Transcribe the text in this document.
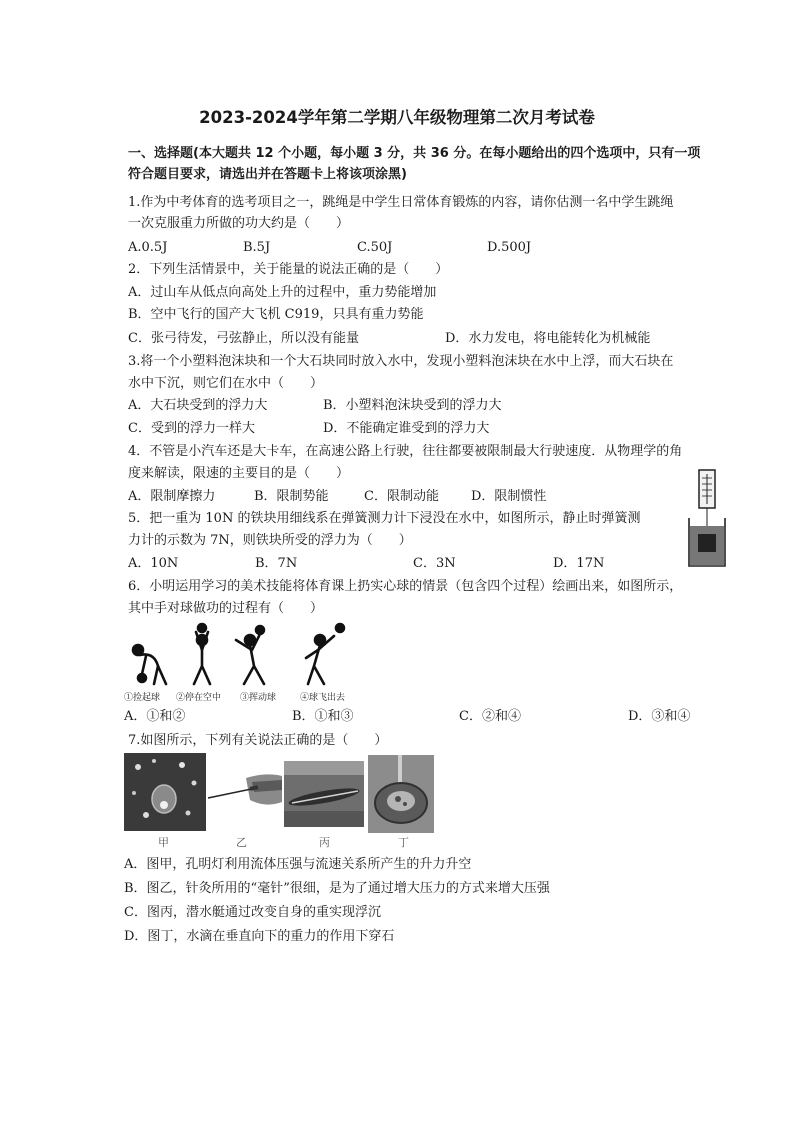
2023-2024学年第二学期八年级物理第二次月考试卷
一、选择题(本大题共 12 个小题，每小题 3 分，共 36 分。在每小题给出的四个选项中，只有一项
符合题目要求，请选出并在答题卡上将该项涂黑)
1.作为中考体育的选考项目之一，跳绳是中学生日常体育锻炼的内容，请你估测一名中学生跳绳
一次克服重力所做的功大约是（　　）
A.0.5J	B.5J	C.50J	D.500J
2．下列生活情景中，关于能量的说法正确的是（　　）
A．过山车从低点向高处上升的过程中，重力势能增加
B．空中飞行的国产大飞机 C919，只具有重力势能
C．张弓待发，弓弦静止，所以没有能量	D．水力发电，将电能转化为机械能
3.将一个小塑料泡沫块和一个大石块同时放入水中，发现小塑料泡沫块在水中上浮，而大石块在
水中下沉，则它们在水中（　　）
A．大石块受到的浮力大	B．小塑料泡沫块受到的浮力大
C．受到的浮力一样大	D．不能确定谁受到的浮力大
4．不管是小汽车还是大卡车，在高速公路上行驶，往往都要被限制最大行驶速度．从物理学的角
度来解读，限速的主要目的是（　　）
A．限制摩擦力	B．限制势能	C．限制动能 D．限制惯性
5．把一重为 10N 的铁块用细线系在弹簧测力计下浸没在水中，如图所示，静止时弹簧测
力计的示数为 7N，则铁块所受的浮力为（　　）
A．10N	B．7N	C．3N	D．17N
6．小明运用学习的美术技能将体育课上扔实心球的情景（包含四个过程）绘画出来，如图所示，
其中手对球做功的过程有（　　）
①捡起球 ②停在空中 ③挥动球	④球飞出去
A．①和②	B．①和③	C．②和④	D．③和④
7.如图所示，下列有关说法正确的是（　　）
甲	乙	丙	丁
A．图甲，孔明灯利用流体压强与流速关系所产生的升力升空
B．图乙，针灸所用的“毫针”很细，是为了通过增大压力的方式来增大压强
C．图丙，潜水艇通过改变自身的重实现浮沉
D．图丁，水滴在垂直向下的重力的作用下穿石
